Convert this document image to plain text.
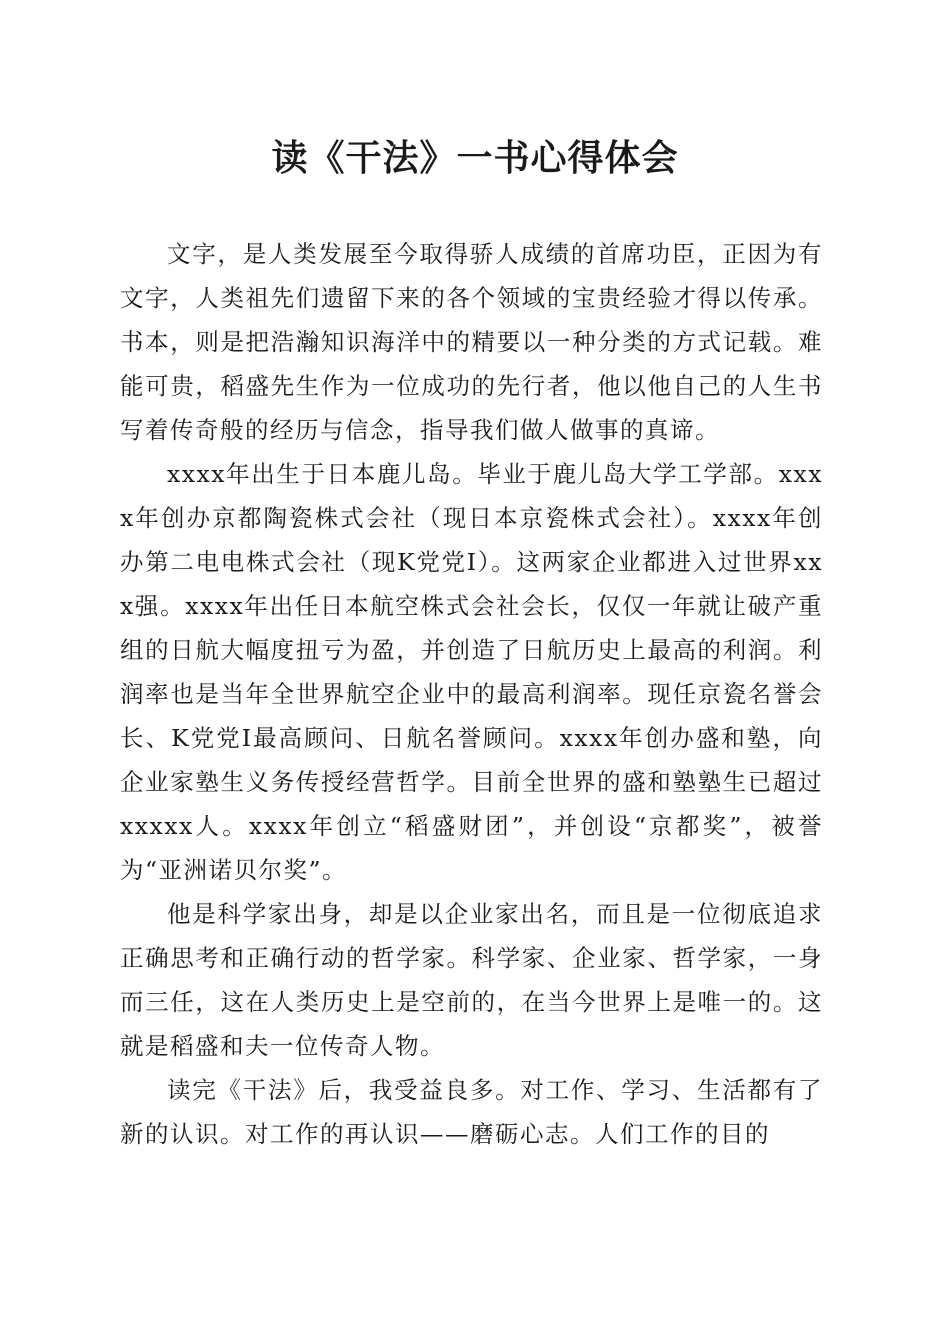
读《干法》一书心得体会

文字，是人类发展至今取得骄人成绩的首席功臣，正因为有文字，人类祖先们遗留下来的各个领域的宝贵经验才得以传承。书本，则是把浩瀚知识海洋中的精要以一种分类的方式记载。难能可贵，稻盛先生作为一位成功的先行者，他以他自己的人生书写着传奇般的经历与信念，指导我们做人做事的真谛。

xxxx年出生于日本鹿儿岛。毕业于鹿儿岛大学工学部。xxxx年创办京都陶瓷株式会社（现日本京瓷株式会社）。xxxx年创办第二电电株式会社（现K党党I）。这两家企业都进入过世界xxx强。xxxx年出任日本航空株式会社会长，仅仅一年就让破产重组的日航大幅度扭亏为盈，并创造了日航历史上最高的利润。利润率也是当年全世界航空企业中的最高利润率。现任京瓷名誉会长、K党党I最高顾问、日航名誉顾问。xxxx年创办盛和塾，向企业家塾生义务传授经营哲学。目前全世界的盛和塾塾生已超过xxxxx人。xxxx年创立“稻盛财团”，并创设“京都奖”，被誉为“亚洲诺贝尔奖”。

他是科学家出身，却是以企业家出名，而且是一位彻底追求正确思考和正确行动的哲学家。科学家、企业家、哲学家，一身而三任，这在人类历史上是空前的，在当今世界上是唯一的。这就是稻盛和夫一位传奇人物。

读完《干法》后，我受益良多。对工作、学习、生活都有了新的认识。对工作的再认识——磨砺心志。人们工作的目的
